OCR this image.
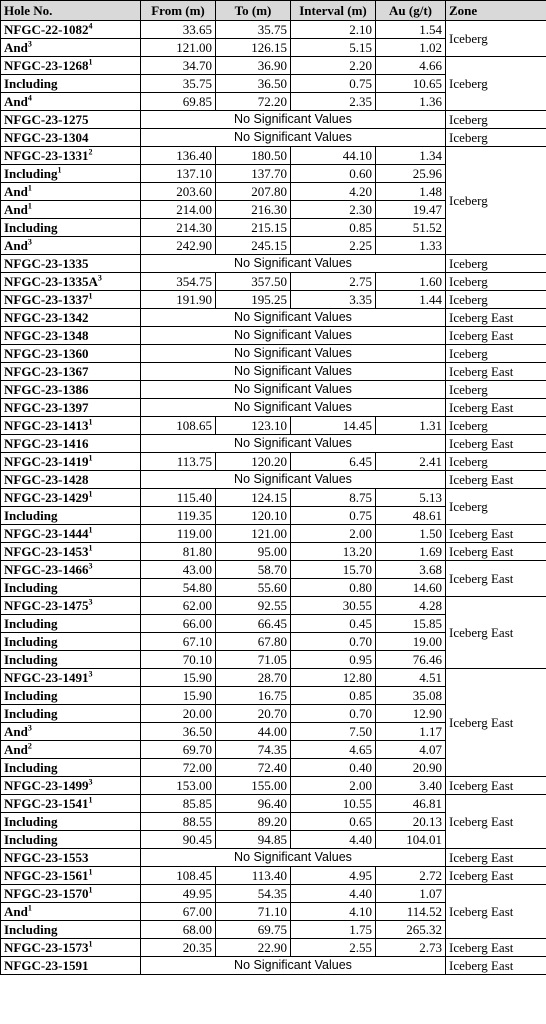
Hole No.	From (m)	To (m)	Interval (m)	Au (g/t)	Zone
NFGC-22-1082$^4$	33.65	35.75	2.10	1.54	Iceberg
And$^3$	121.00	126.15	5.15	1.02	
NFGC-23-1268$^1$	34.70	36.90	2.20	4.66	Iceberg
Including	35.75	36.50	0.75	10.65	
And$^4$	69.85	72.20	2.35	1.36	
NFGC-23-1275	No Significant Values				Iceberg
NFGC-23-1304	No Significant Values				Iceberg
NFGC-23-1331$^2$	136.40	180.50	44.10	1.34	Iceberg
Including$^1$	137.10	137.70	0.60	25.96	
And$^1$	203.60	207.80	4.20	1.48	
And$^1$	214.00	216.30	2.30	19.47	
Including	214.30	215.15	0.85	51.52	
And$^3$	242.90	245.15	2.25	1.33	
NFGC-23-1335	No Significant Values				Iceberg
NFGC-$23-1335A^3$	354.75	357.50	2.75	1.60	Iceberg
NFGC-23-1337$^1$	191.90	195.25	3.35	1.44	Iceberg
NFGC-23-1342	No Significant Values				Iceberg East
NFGC-23-1348	No Significant Values				Iceberg East
NFGC-23-1360	No Significant Values				Iceberg
NFGC-23-1367	No Significant Values				Iceberg East
NFGC-23-1386	No Significant Values				Iceberg
NFGC-23-1397	No Significant Values				Iceberg East
NFGC-23-1413$^1$	108.65	123.10	14.45	1.31	Iceberg
NFGC-23-1416	No Significant Values				Iceberg East
NFGC-23-1419$^1$	113.75	120.20	6.45	2.41	Iceberg
NFGC-23-1428	No Significant Values				Iceberg East
NFGC-23-1429$^1$	115.40	124.15	8.75	5.13	Iceberg
Including	119.35	120.10	0.75	48.61	
NFGC-23-1444$^1$	119.00	121.00	2.00	1.50	Iceberg East
NFGC-23-1453$^1$	81.80	95.00	13.20	1.69	Iceberg East
NFGC-23-1466$^3$	43.00	58.70	15.70	3.68	Iceberg East
Including	54.80	55.60	0.80	14.60	
NFGC-23-1475$^3$	62.00	92.55	30.55	4.28	Iceberg East
Including	66.00	66.45	0.45	15.85	
Including	67.10	67.80	0.70	19.00	
Including	70.10	71.05	0.95	76.46	
NFGC-23-1491$^3$	15.90	28.70	12.80	4.51	Iceberg East
Including	15.90	16.75	0.85	35.08	
Including	20.00	20.70	0.70	12.90	
And$^3$	36.50	44.00	7.50	1.17	
And$^2$	69.70	74.35	4.65	4.07	
Including	72.00	72.40	0.40	20.90	
NFGC-23-1499$^3$	153.00	155.00	2.00	3.40	Iceberg East
NFGC-23-1541$^1$	85.85	96.40	10.55	46.81	Iceberg East
Including	88.55	89.20	0.65	20.13	
Including	90.45	94.85	4.40	104.01	
NFGC-23-1553	No Significant Values				Iceberg East
NFGC-23-1561$^1$	108.45	113.40	4.95	2.72	Iceberg East
NFGC-23-1570$^1$	49.95	54.35	4.40	1.07	Iceberg East
And$^1$	67.00	71.10	4.10	114.52	
Including	68.00	69.75	1.75	265.32	
NFGC-23-1573$^1$	20.35	22.90	2.55	2.73	Iceberg East
NFGC-23-1591	No Significant Values				Iceberg East
